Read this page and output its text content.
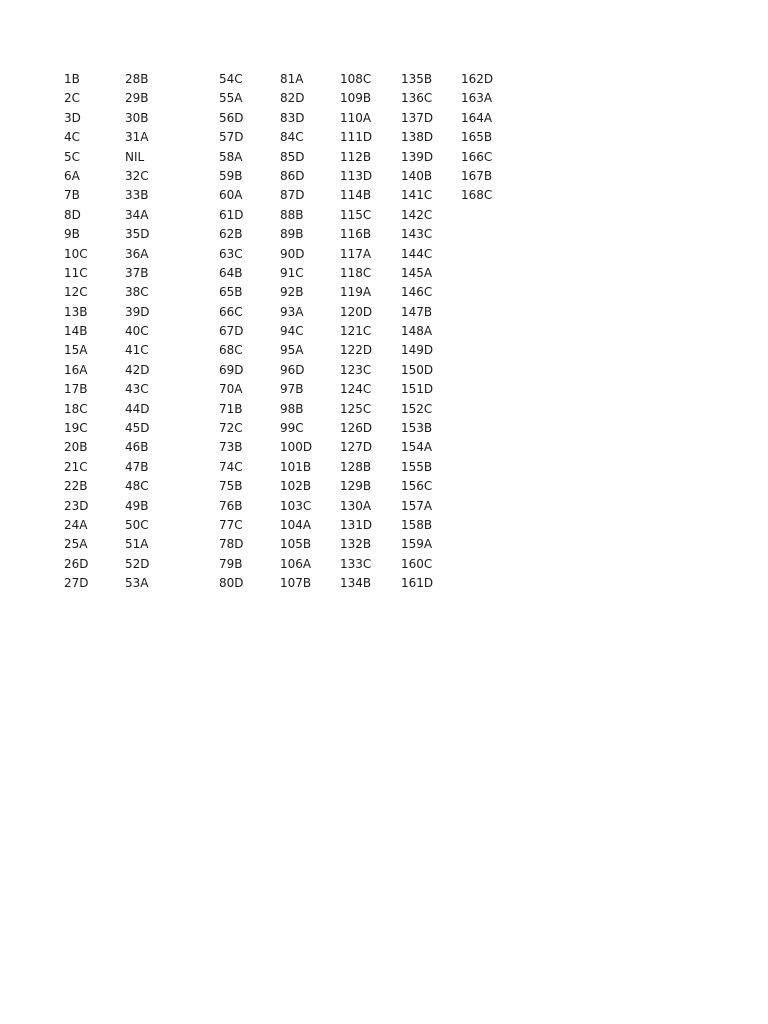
1B
2C
3D
4C
5C
6A
7B
8D
9B
10C
11C
12C
13B
14B
15A
16A
17B
18C
19C
20B
21C
22B
23D
24A
25A
26D
27D
28B
29B
30B
31A
NIL
32C
33B
34A
35D
36A
37B
38C
39D
40C
41C
42D
43C
44D
45D
46B
47B
48C
49B
50C
51A
52D
53A
54C
55A
56D
57D
58A
59B
60A
61D
62B
63C
64B
65B
66C
67D
68C
69D
70A
71B
72C
73B
74C
75B
76B
77C
78D
79B
80D
81A
82D
83D
84C
85D
86D
87D
88B
89B
90D
91C
92B
93A
94C
95A
96D
97B
98B
99C
100D
101B
102B
103C
104A
105B
106A
107B
108C
109B
110A
111D
112B
113D
114B
115C
116B
117A
118C
119A
120D
121C
122D
123C
124C
125C
126D
127D
128B
129B
130A
131D
132B
133C
134B
135B
136C
137D
138D
139D
140B
141C
142C
143C
144C
145A
146C
147B
148A
149D
150D
151D
152C
153B
154A
155B
156C
157A
158B
159A
160C
161D
162D
163A
164A
165B
166C
167B
168C
